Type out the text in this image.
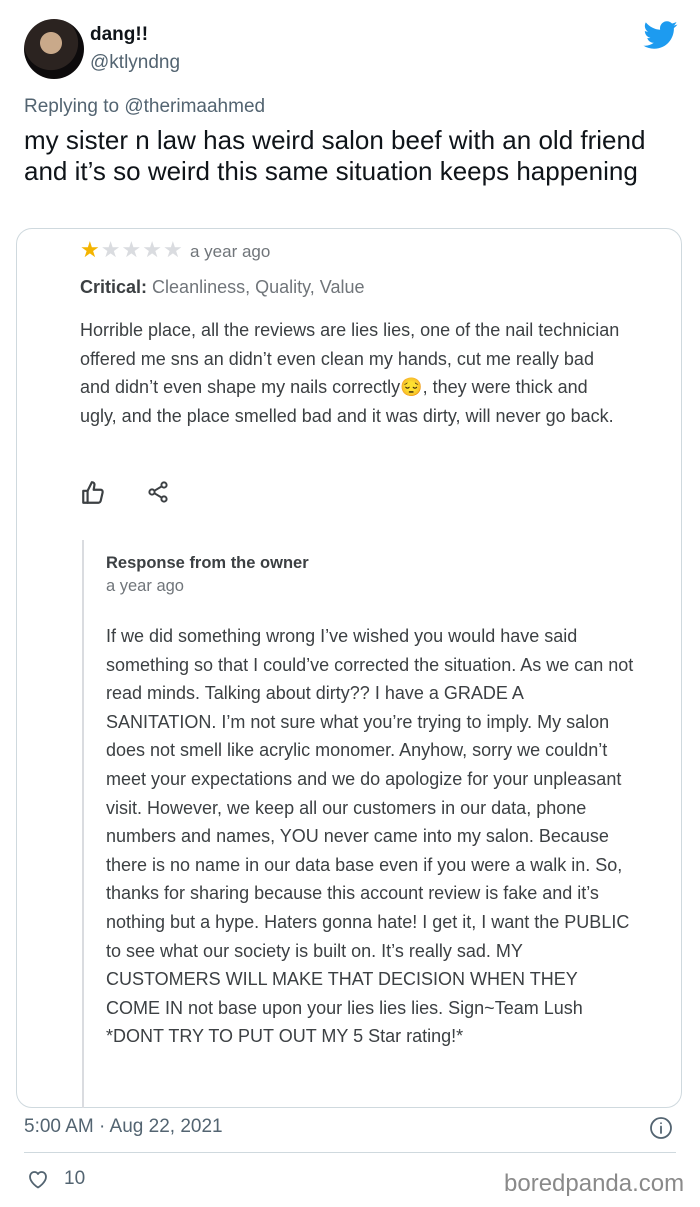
dang!!
@ktlyndng
Replying to @therimaahmed
my sister n law has weird salon beef with an old friend and it’s so weird this same situation keeps happening
★★★★★ a year ago
Critical: Cleanliness, Quality, Value
Horrible place, all the reviews are lies lies, one of the nail technician offered me sns an didn’t even clean my hands, cut me really bad and didn’t even shape my nails correctly😔, they were thick and ugly, and the place smelled bad and it was dirty, will never go back.
Response from the owner
a year ago
If we did something wrong I’ve wished you would have said something so that I could’ve corrected the situation. As we can not read minds. Talking about dirty?? I have a GRADE A SANITATION. I’m not sure what you’re trying to imply. My salon does not smell like acrylic monomer. Anyhow, sorry we couldn’t meet your expectations and we do apologize for your unpleasant visit. However, we keep all our customers in our data, phone numbers and names, YOU never came into my salon. Because there is no name in our data base even if you were a walk in. So, thanks for sharing because this account review is fake and it’s nothing but a hype. Haters gonna hate! I get it, I want the PUBLIC to see what our society is built on. It’s really sad. MY CUSTOMERS WILL MAKE THAT DECISION WHEN THEY COME IN not base upon your lies lies lies. Sign~Team Lush *DONT TRY TO PUT OUT MY 5 Star rating!*
5:00 AM · Aug 22, 2021
10	boredpanda.com
